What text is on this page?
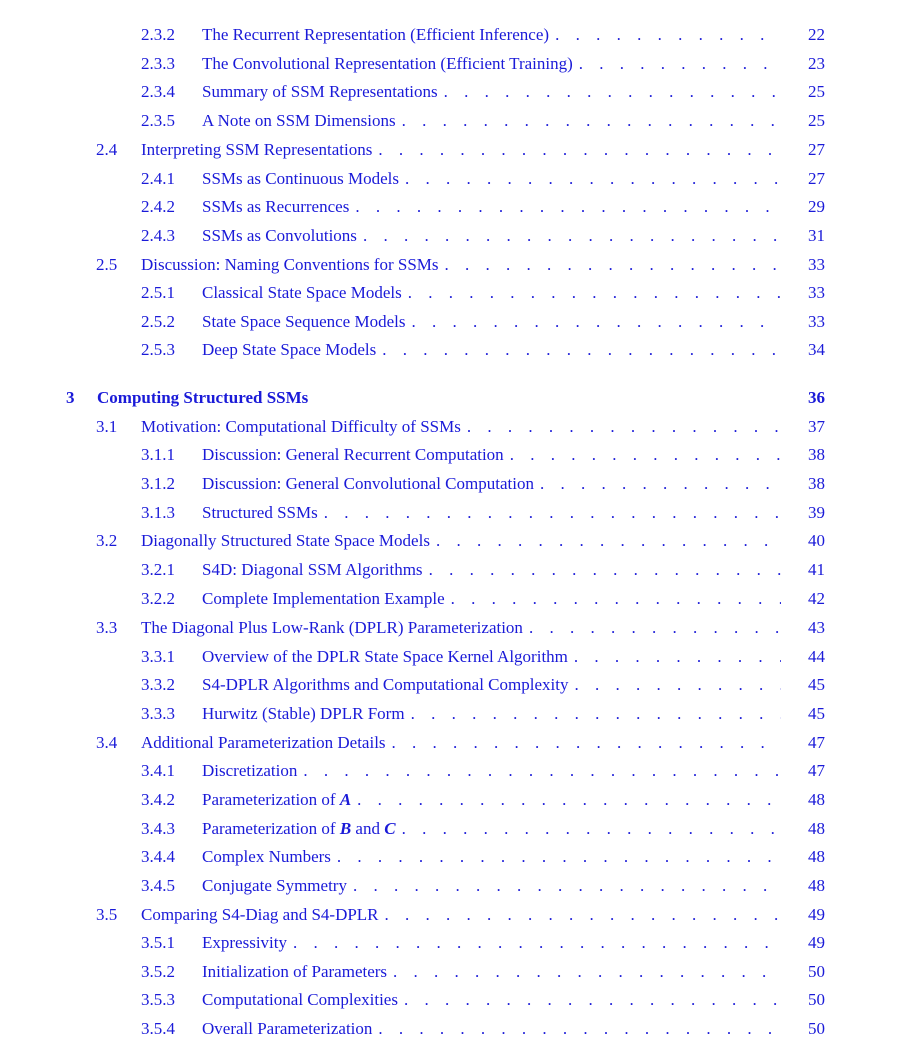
2.3.2	The Recurrent Representation (Efficient Inference) . . .	22
2.3.3	The Convolutional Representation (Efficient Training) . . .	23
2.3.4	Summary of SSM Representations . . .	25
2.3.5	A Note on SSM Dimensions . . .	25
2.4	Interpreting SSM Representations . . .	27
2.4.1	SSMs as Continuous Models . . .	27
2.4.2	SSMs as Recurrences . . .	29
2.4.3	SSMs as Convolutions . . .	31
2.5	Discussion: Naming Conventions for SSMs . . .	33
2.5.1	Classical State Space Models . . .	33
2.5.2	State Space Sequence Models . . .	33
2.5.3	Deep State Space Models . . .	34
3	Computing Structured SSMs	36
3.1	Motivation: Computational Difficulty of SSMs . . .	37
3.1.1	Discussion: General Recurrent Computation . . .	38
3.1.2	Discussion: General Convolutional Computation . . .	38
3.1.3	Structured SSMs . . .	39
3.2	Diagonally Structured State Space Models . . .	40
3.2.1	S4D: Diagonal SSM Algorithms . . .	41
3.2.2	Complete Implementation Example . . .	42
3.3	The Diagonal Plus Low-Rank (DPLR) Parameterization . . .	43
3.3.1	Overview of the DPLR State Space Kernel Algorithm . . .	44
3.3.2	S4-DPLR Algorithms and Computational Complexity . . .	45
3.3.3	Hurwitz (Stable) DPLR Form . . .	45
3.4	Additional Parameterization Details . . .	47
3.4.1	Discretization . . .	47
3.4.2	Parameterization of A . . .	48
3.4.3	Parameterization of B and C . . .	48
3.4.4	Complex Numbers . . .	48
3.4.5	Conjugate Symmetry . . .	48
3.5	Comparing S4-Diag and S4-DPLR . . .	49
3.5.1	Expressivity . . .	49
3.5.2	Initialization of Parameters . . .	50
3.5.3	Computational Complexities . . .	50
3.5.4	Overall Parameterization . . .	50
